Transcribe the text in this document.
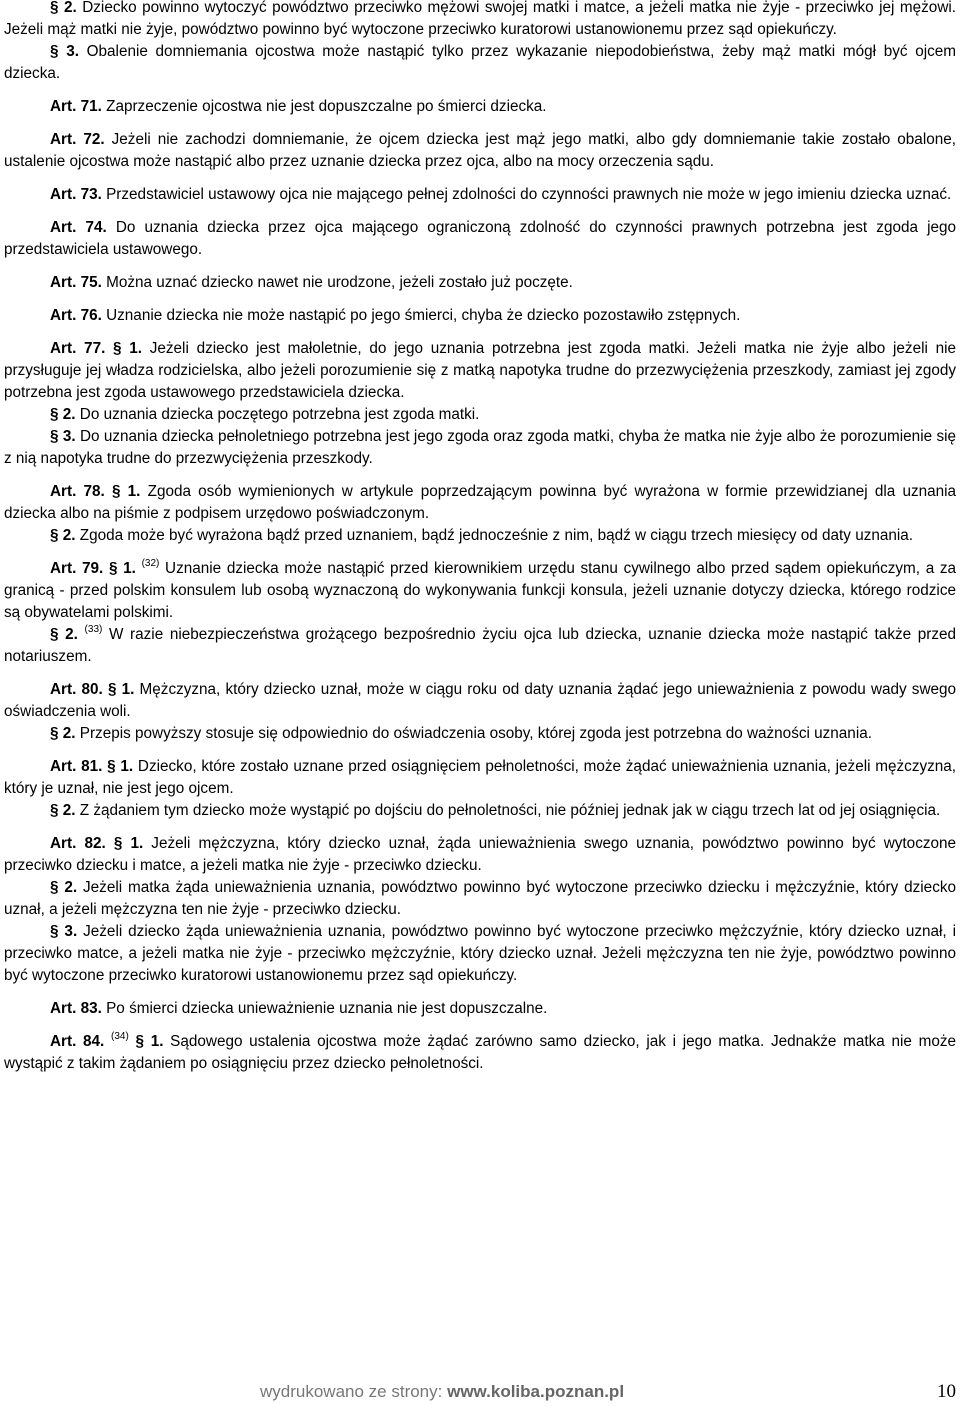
§ 2. Dziecko powinno wytoczyć powództwo przeciwko mężowi swojej matki i matce, a jeżeli matka nie żyje - przeciwko jej mężowi. Jeżeli mąż matki nie żyje, powództwo powinno być wytoczone przeciwko kuratorowi ustanowionemu przez sąd opiekuńczy.

§ 3. Obalenie domniemania ojcostwa może nastąpić tylko przez wykazanie niepodobieństwa, żeby mąż matki mógł być ojcem dziecka.

Art. 71. Zaprzeczenie ojcostwa nie jest dopuszczalne po śmierci dziecka.

Art. 72. Jeżeli nie zachodzi domniemanie, że ojcem dziecka jest mąż jego matki, albo gdy domniemanie takie zostało obalone, ustalenie ojcostwa może nastąpić albo przez uznanie dziecka przez ojca, albo na mocy orzeczenia sądu.

Art. 73. Przedstawiciel ustawowy ojca nie mającego pełnej zdolności do czynności prawnych nie może w jego imieniu dziecka uznać.

Art. 74. Do uznania dziecka przez ojca mającego ograniczoną zdolność do czynności prawnych potrzebna jest zgoda jego przedstawiciela ustawowego.

Art. 75. Można uznać dziecko nawet nie urodzone, jeżeli zostało już poczęte.

Art. 76. Uznanie dziecka nie może nastąpić po jego śmierci, chyba że dziecko pozostawiło zstępnych.

Art. 77. § 1. Jeżeli dziecko jest małoletnie, do jego uznania potrzebna jest zgoda matki. Jeżeli matka nie żyje albo jeżeli nie przysługuje jej władza rodzicielska, albo jeżeli porozumienie się z matką napotyka trudne do przezwyciężenia przeszkody, zamiast jej zgody potrzebna jest zgoda ustawowego przedstawiciela dziecka.

§ 2. Do uznania dziecka poczętego potrzebna jest zgoda matki.

§ 3. Do uznania dziecka pełnoletniego potrzebna jest jego zgoda oraz zgoda matki, chyba że matka nie żyje albo że porozumienie się z nią napotyka trudne do przezwyciężenia przeszkody.

Art. 78. § 1. Zgoda osób wymienionych w artykule poprzedzającym powinna być wyrażona w formie przewidzianej dla uznania dziecka albo na piśmie z podpisem urzędowo poświadczonym.

§ 2. Zgoda może być wyrażona bądź przed uznaniem, bądź jednocześnie z nim, bądź w ciągu trzech miesięcy od daty uznania.

Art. 79. § 1. $^{(32)}$ Uznanie dziecka może nastąpić przed kierownikiem urzędu stanu cywilnego albo przed sądem opiekuńczym, a za granicą - przed polskim konsulem lub osobą wyznaczoną do wykonywania funkcji konsula, jeżeli uznanie dotyczy dziecka, którego rodzice są obywatelami polskimi.

§ 2. $^{(33)}$ W razie niebezpieczeństwa grożącego bezpośrednio życiu ojca lub dziecka, uznanie dziecka może nastąpić także przed notariuszem.

Art. 80. § 1. Mężczyzna, który dziecko uznał, może w ciągu roku od daty uznania żądać jego unieważnienia z powodu wady swego oświadczenia woli.

§ 2. Przepis powyższy stosuje się odpowiednio do oświadczenia osoby, której zgoda jest potrzebna do ważności uznania.

Art. 81. § 1. Dziecko, które zostało uznane przed osiągnięciem pełnoletności, może żądać unieważnienia uznania, jeżeli mężczyzna, który je uznał, nie jest jego ojcem.

§ 2. Z żądaniem tym dziecko może wystąpić po dojściu do pełnoletności, nie później jednak jak w ciągu trzech lat od jej osiągnięcia.

Art. 82. § 1. Jeżeli mężczyzna, który dziecko uznał, żąda unieważnienia swego uznania, powództwo powinno być wytoczone przeciwko dziecku i matce, a jeżeli matka nie żyje - przeciwko dziecku.

§ 2. Jeżeli matka żąda unieważnienia uznania, powództwo powinno być wytoczone przeciwko dziecku i mężczyźnie, który dziecko uznał, a jeżeli mężczyzna ten nie żyje - przeciwko dziecku.

§ 3. Jeżeli dziecko żąda unieważnienia uznania, powództwo powinno być wytoczone przeciwko mężczyźnie, który dziecko uznał, i przeciwko matce, a jeżeli matka nie żyje - przeciwko mężczyźnie, który dziecko uznał. Jeżeli mężczyzna ten nie żyje, powództwo powinno być wytoczone przeciwko kuratorowi ustanowionemu przez sąd opiekuńczy.

Art. 83. Po śmierci dziecka unieważnienie uznania nie jest dopuszczalne.

Art. 84. $^{(34)}$ § 1. Sądowego ustalenia ojcostwa może żądać zarówno samo dziecko, jak i jego matka. Jednakże matka nie może wystąpić z takim żądaniem po osiągnięciu przez dziecko pełnoletności.

wydrukowano ze strony: www.koliba.poznan.pl	10
